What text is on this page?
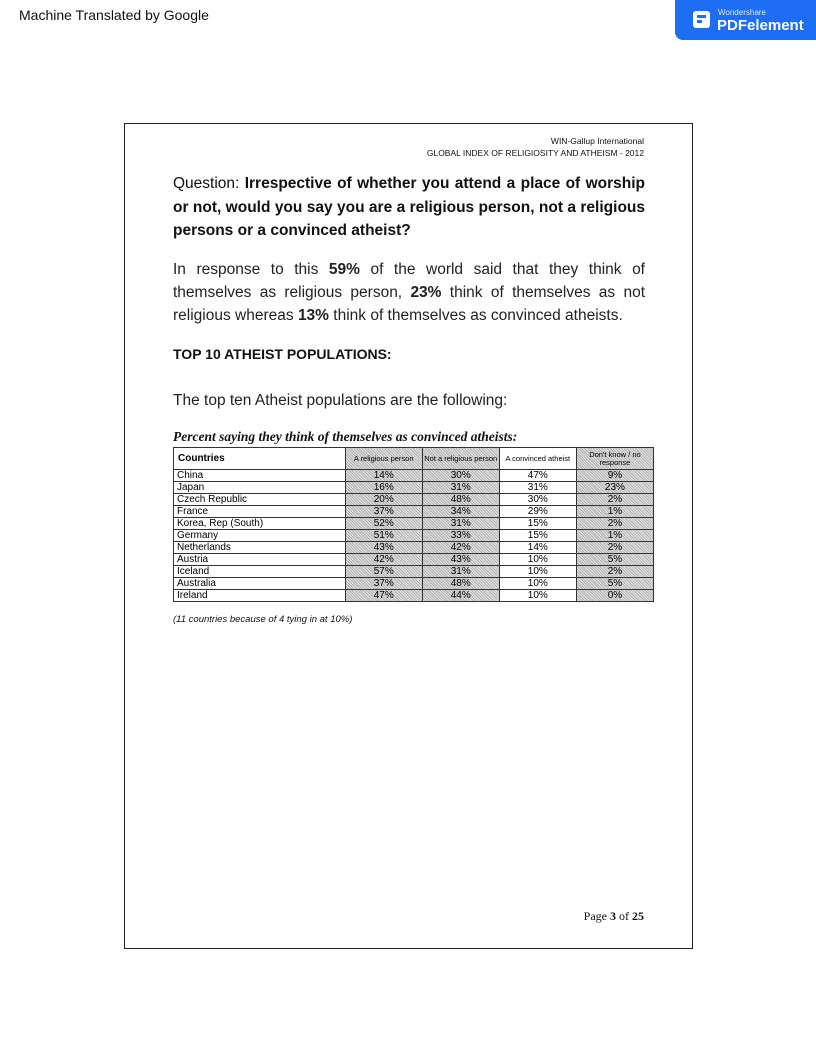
Machine Translated by Google	Wondershare
PDFelement
WIN-Gallup International
GLOBAL INDEX OF RELIGIOSITY AND ATHEISM - 2012
Question: Irrespective of whether you attend a place of worship or not, would you say you are a religious person, not a religious persons or a convinced atheist?
In response to this 59% of the world said that they think of themselves as religious person, 23% think of themselves as not religious whereas 13% think of themselves as convinced atheists.
TOP 10 ATHEIST POPULATIONS:
The top ten Atheist populations are the following:
Percent saying they think of themselves as convinced atheists:
Countries	A religious person	Not a religious person	A convinced atheist	Don't know / no response
China	14%	30%	47%	9%
Japan	16%	31%	31%	23%
Czech Republic	20%	48%	30%	2%
France	37%	34%	29%	1%
Korea, Rep (South)	52%	31%	15%	2%
Germany	51%	33%	15%	1%
Netherlands	43%	42%	14%	2%
Austria	42%	43%	10%	5%
Iceland	57%	31%	10%	2%
Australia	37%	48%	10%	5%
Ireland	47%	44%	10%	0%
(11 countries because of 4 tying in at 10%)
Page 3 of 25
